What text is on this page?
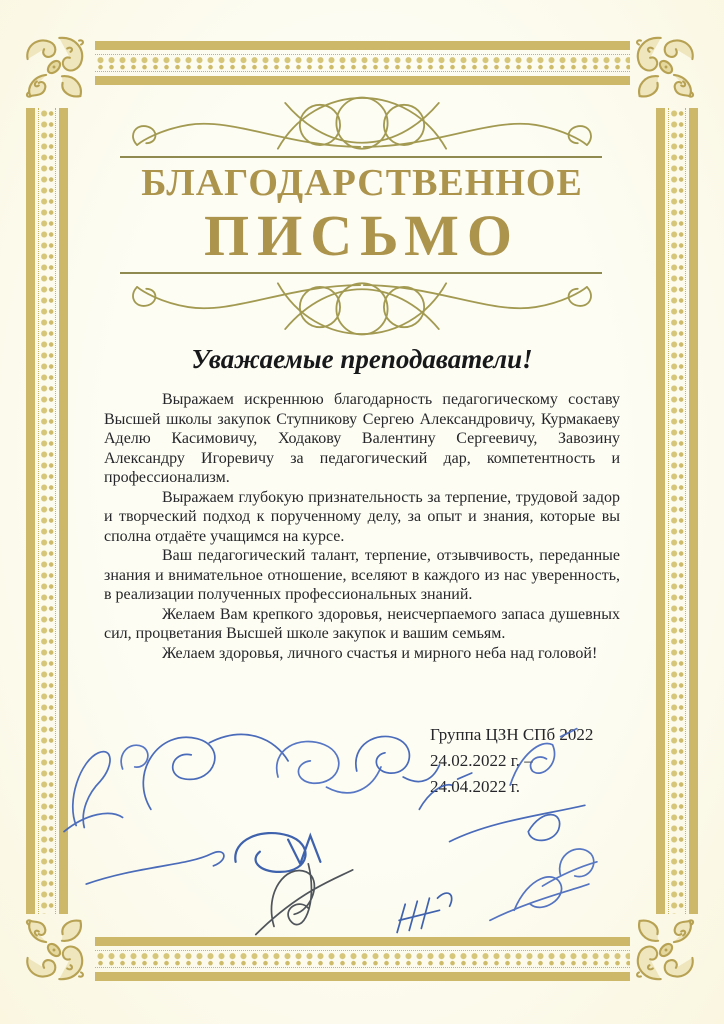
БЛАГОДАРСТВЕННОЕ
ПИСЬМО
Уважаемые преподаватели!

Выражаем искреннюю благодарность педагогическому составу Высшей школы закупок Ступникову Сергею Александровичу, Курмакаеву Аделю Касимовичу, Ходакову Валентину Сергеевичу, Завозину Александру Игоревичу за педагогический дар, компетентность и профессионализм.

Выражаем глубокую признательность за терпение, трудовой задор и творческий подход к порученному делу, за опыт и знания, которые вы сполна отдаёте учащимся на курсе.

Ваш педагогический талант, терпение, отзывчивость, переданные знания и внимательное отношение, вселяют в каждого из нас уверенность, в реализации полученных профессиональных знаний.

Желаем Вам крепкого здоровья, неисчерпаемого запаса душевных сил, процветания Высшей школе закупок и вашим семьям.

Желаем здоровья, личного счастья и мирного неба над головой!

Группа ЦЗН СПб 2022
24.02.2022 г. –
24.04.2022 г.
